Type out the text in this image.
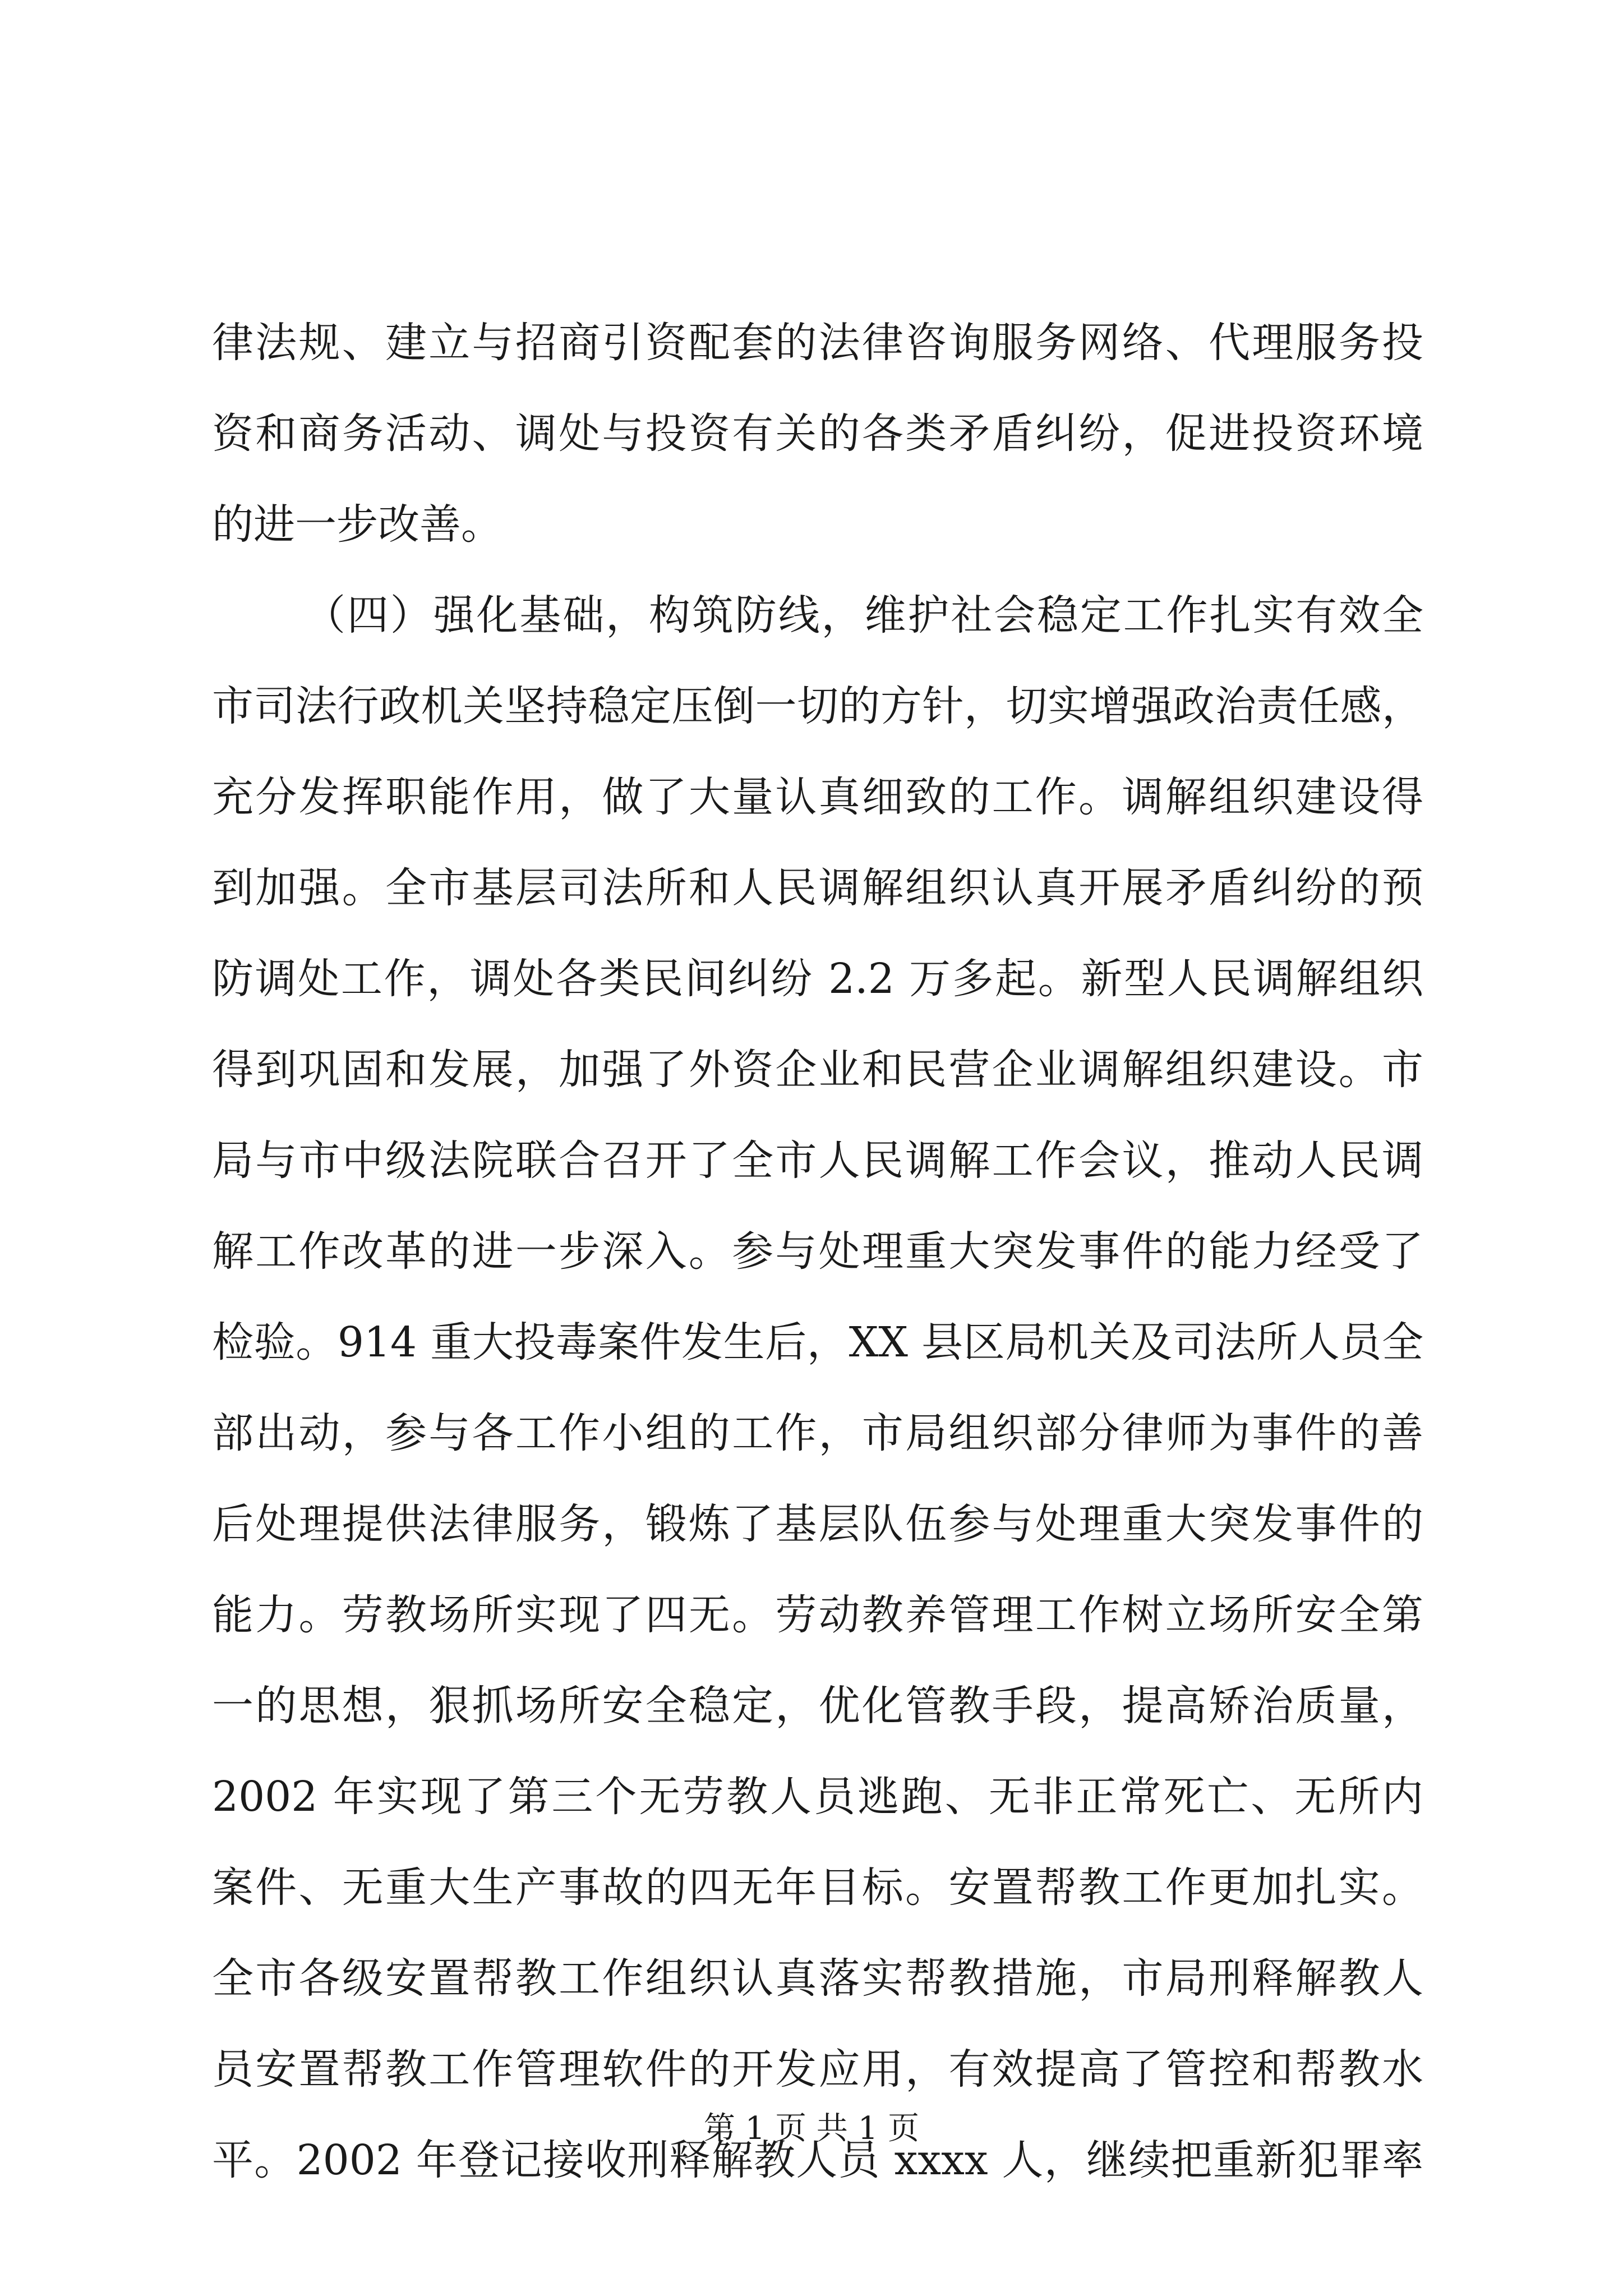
律法规、建立与招商引资配套的法律咨询服务网络、代理服务投
资和商务活动、调处与投资有关的各类矛盾纠纷，促进投资环境
的进一步改善。
（四）强化基础，构筑防线，维护社会稳定工作扎实有效全
市司法行政机关坚持稳定压倒一切的方针，切实增强政治责任感，
充分发挥职能作用，做了大量认真细致的工作。调解组织建设得
到加强。全市基层司法所和人民调解组织认真开展矛盾纠纷的预
防调处工作，调处各类民间纠纷 2.2 万多起。新型人民调解组织
得到巩固和发展，加强了外资企业和民营企业调解组织建设。市
局与市中级法院联合召开了全市人民调解工作会议，推动人民调
解工作改革的进一步深入。参与处理重大突发事件的能力经受了
检验。914 重大投毒案件发生后，XX 县区局机关及司法所人员全
部出动，参与各工作小组的工作，市局组织部分律师为事件的善
后处理提供法律服务，锻炼了基层队伍参与处理重大突发事件的
能力。劳教场所实现了四无。劳动教养管理工作树立场所安全第
一的思想，狠抓场所安全稳定，优化管教手段，提高矫治质量，
2002 年实现了第三个无劳教人员逃跑、无非正常死亡、无所内
案件、无重大生产事故的四无年目标。安置帮教工作更加扎实。
全市各级安置帮教工作组织认真落实帮教措施，市局刑释解教人
员安置帮教工作管理软件的开发应用，有效提高了管控和帮教水
平。2002 年登记接收刑释解教人员 xxxx 人，继续把重新犯罪率
第 1 页 共 1 页
